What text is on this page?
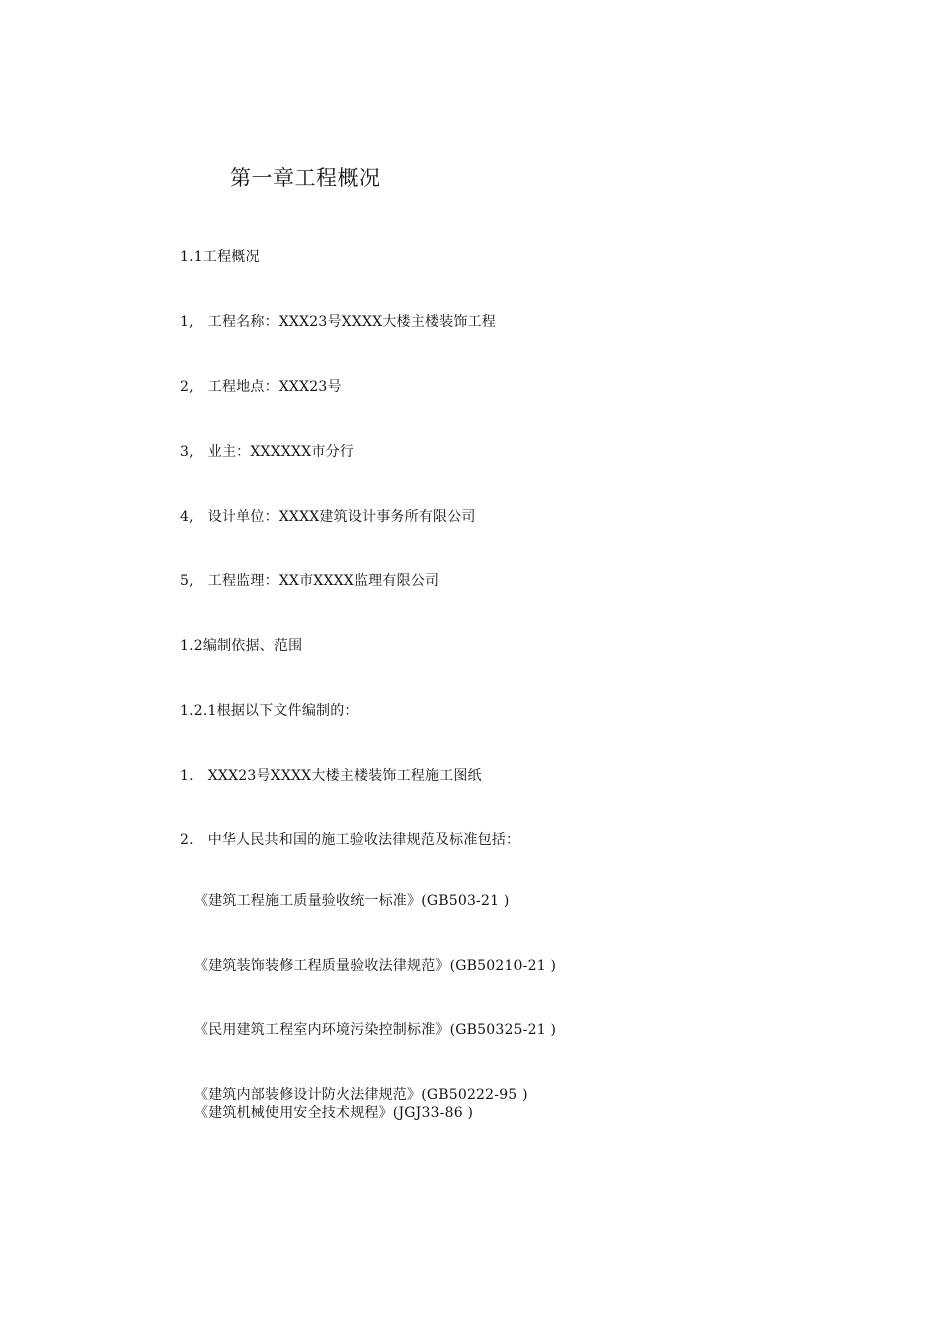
第一章工程概况
1.1工程概况
1, 工程名称：XXX23号XXXX大楼主楼装饰工程
2, 工程地点：XXX23号
3, 业主：XXXXXX市分行
4, 设计单位：XXXX建筑设计事务所有限公司
5, 工程监理：XX市XXXX监理有限公司
1.2编制依据、范围
1.2.1根据以下文件编制的：
1. XXX23号XXXX大楼主楼装饰工程施工图纸
2. 中华人民共和国的施工验收法律规范及标准包括：
《建筑工程施工质量验收统一标准》(GB503-21 )
《建筑装饰装修工程质量验收法律规范》(GB50210-21 )
《民用建筑工程室内环境污染控制标准》(GB50325-21 )
《建筑内部装修设计防火法律规范》(GB50222-95 )
《建筑机械使用安全技术规程》(JGJ33-86 )
